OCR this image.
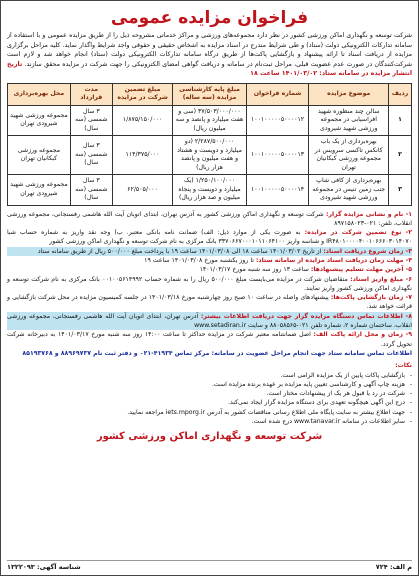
فراخوان مزایده عمومی
شرکت توسعه و نگهداری اماکن ورزشی کشور در نظر دارد مجموعه‌های ورزشی و مراکز خدماتی مشروحه ذیل را از طریق مزایده عمومی و با استفاده از سامانه تدارکات الکترونیکی دولت (ستاد) و طی شرایط مندرج در اسناد مزایده به اشخاص حقیقی و حقوقی واجد شرایط واگذار نماید. کلیه مراحل برگزاری مزایده از دریافت اسناد تا ارائه پیشنهاد و بازگشایی پاکت‌ها از طریق درگاه سامانه تدارکات الکترونیکی دولت (ستاد) انجام خواهد شد و لازم است شرکت‌کنندگان در صورت عدم عضویت قبلی، مراحل ثبت‌نام در سامانه و دریافت گواهی امضای الکترونیکی را جهت شرکت در مزایده محقق سازند. تاریخ انتشار مزایده در سامانه ستاد: ۱۴۰۱/۰۳/۰۲ ساعت ۱۸
ردیف	موضوع مزایده	شماره فراخوان	مبلغ پایه کارشناسی مزایده (سه ساله)	مبلغ تضمین شرکت در مزایده	مدت قرارداد	محل بهره‌برداری
۱	سالن چند منظوره شهید افراسیابی در مجموعه ورزشی شهید شیرودی	۱۰۰۱۰۰۰۰۰۵۰۰۰۰۱۲	۳۷/۵۰۳/۰۰۰/۰۰۰ (سی و هفت میلیارد و پانصد و سه میلیون ریال)	۱/۸۷۵/۱۵۰/۰۰۰	۳ سال شمسی (سه سال)	مجموعه ورزشی شهید شیرودی تهران
۲	بهره‌برداری از یک باب کانکس تاکسی سرویس در مجموعه ورزشی کبکانیان تهران	۱۰۰۱۰۰۰۰۰۵۰۰۰۰۱۳	۲/۲۸۷/۵۰۰/۰۰۰ (دو میلیارد و دویست و هشتاد و هفت میلیون و پانصد هزار ریال)	۱۱۴/۳۷۵/۰۰۰	۳ سال شمسی (سه سال)	مجموعه ورزشی کبکانیان تهران
۳	بهره‌برداری از کافی شاپ جنب زمین تنیس در مجموعه ورزشی شهید شیرودی	۱۰۰۱۰۰۰۰۰۵۰۰۰۰۱۴	۱/۲۵۰/۱۰۰/۰۰۰ (یک میلیارد و دویست و پنجاه میلیون و صد هزار ریال)	۶۲/۵۰۵/۰۰۰	۳ سال شمسی (سه سال)	مجموعه ورزشی شهید شیرودی تهران
۱- نام و نشانی مزایده گزار: شرکت توسعه و نگهداری اماکن ورزشی کشور به آدرس تهران، ابتدای اتوبان آیت الله هاشمی رفسنجانی، مجموعه ورزشی انقلاب، تلفن: ۰۲۱-۸۹۷۱۵۸۰۲۳
۲- نوع تضمین شرکت در مزایده: به صورت یکی از موارد ذیل: الف) ضمانت نامه بانکی معتبر. ب) وجه نقد واریز به شماره حساب شبا IR۴۸۰۱۰۰۰۰۴۰۰۱۰۶۶۶۰۳۰۱۴۰۷۰ و شناسه واریز ۳۳۷۰۶۶۷۰۰۰۱۰۱۱۰۶۴۱۰۰ بانک مرکزی به نام شرکت توسعه و نگهداری اماکن ورزشی کشور
۳- زمان شروع دریافت اسناد: از تاریخ ۱۴۰۱/۰۳/۰۲ ساعت ۱۸ الی ۱۴۰۱/۰۳/۰۸ ساعت ۱۹ با پرداخت مبلغ ۵۰۰/۰۰۰ ریال از طریق سامانه ستاد
۴- مهلت زمان دریافت اسناد مزایده از سامانه ستاد: تا روز یکشنبه مورخ ۱۴۰۱/۰۳/۰۸ ساعت ۱۹
۵- آخرین مهلت تسلیم پیشنهادها: ساعت ۱۳ روز سه شنبه مورخ ۱۴۰۱/۰۳/۱۷
۶- مبلغ واریز اسناد: متقاضیان شرکت در مزایده می‌بایست مبلغ ۵۰۰/۰۰۰ ریال را به شماره حساب ۰۰۱۰۰۵۶۱۴۹۹۲ بانک مرکزی به نام شرکت توسعه و نگهداری اماکن ورزشی کشور واریز نمایند.
۷- زمان بازگشایی پاکت‌ها: پیشنهادهای واصله در ساعت ۱۰ صبح روز چهارشنبه مورخ ۱۴۰۱/۰۳/۱۸ در جلسه کمیسیون مزایده در محل شرکت بازگشایی و قرائت خواهد شد.
۸- اطلاعات تماس دستگاه مزایده گزار جهت دریافت اطلاعات بیشتر: آدرس تهران، ابتدای اتوبان آیت الله هاشمی رفسنجانی، مجموعه ورزشی انقلاب، ساختمان شماره ۲، شماره تلفن ۰۲۱-۸۸۰۵۸۵۶۵ و سایت www.setadiran.ir
۹- زمان و محل ارائه پاکت الف: اصل ضمانتنامه معتبر شرکت در مزایده حداکثر تا ساعت ۱۴:۰۰ روز سه شنبه مورخ ۱۴۰۱/۰۳/۱۷ به دبیرخانه شرکت تحویل گردد.
اطلاعات تماس سامانه ستاد جهت انجام مراحل عضویت در سامانه: مرکز تماس ۴۱۹۳۴-۰۲۱ و دفتر ثبت نام ۸۸۹۶۹۷۳۷ و ۸۵۱۹۳۷۶۸
نکات:
- بازگشایی پاکات پایین از یک مزایده الزامی است.
- هزینه چاپ آگهی و کارشناسی تعیین پایه مزایده بر عهده برنده مزایده است.
- شرکت در رد یا قبول هر یک از پیشنهادات مختار است.
- درج این آگهی هیچگونه تعهدی برای دستگاه مزایده گزار ایجاد نمی‌کند.
- جهت اطلاع بیشتر به سایت پایگاه ملی اطلاع رسانی مناقصات کشور به آدرس iets.mporg.ir مراجعه نمایید.
- سایر اطلاعات در سامانه www.tanavar.ir درج شده است.
شرکت توسعه و نگهداری اماکن ورزشی کشور
م الف: ۷۲۴
شناسه آگهی: ۱۳۲۲۰۹۳
